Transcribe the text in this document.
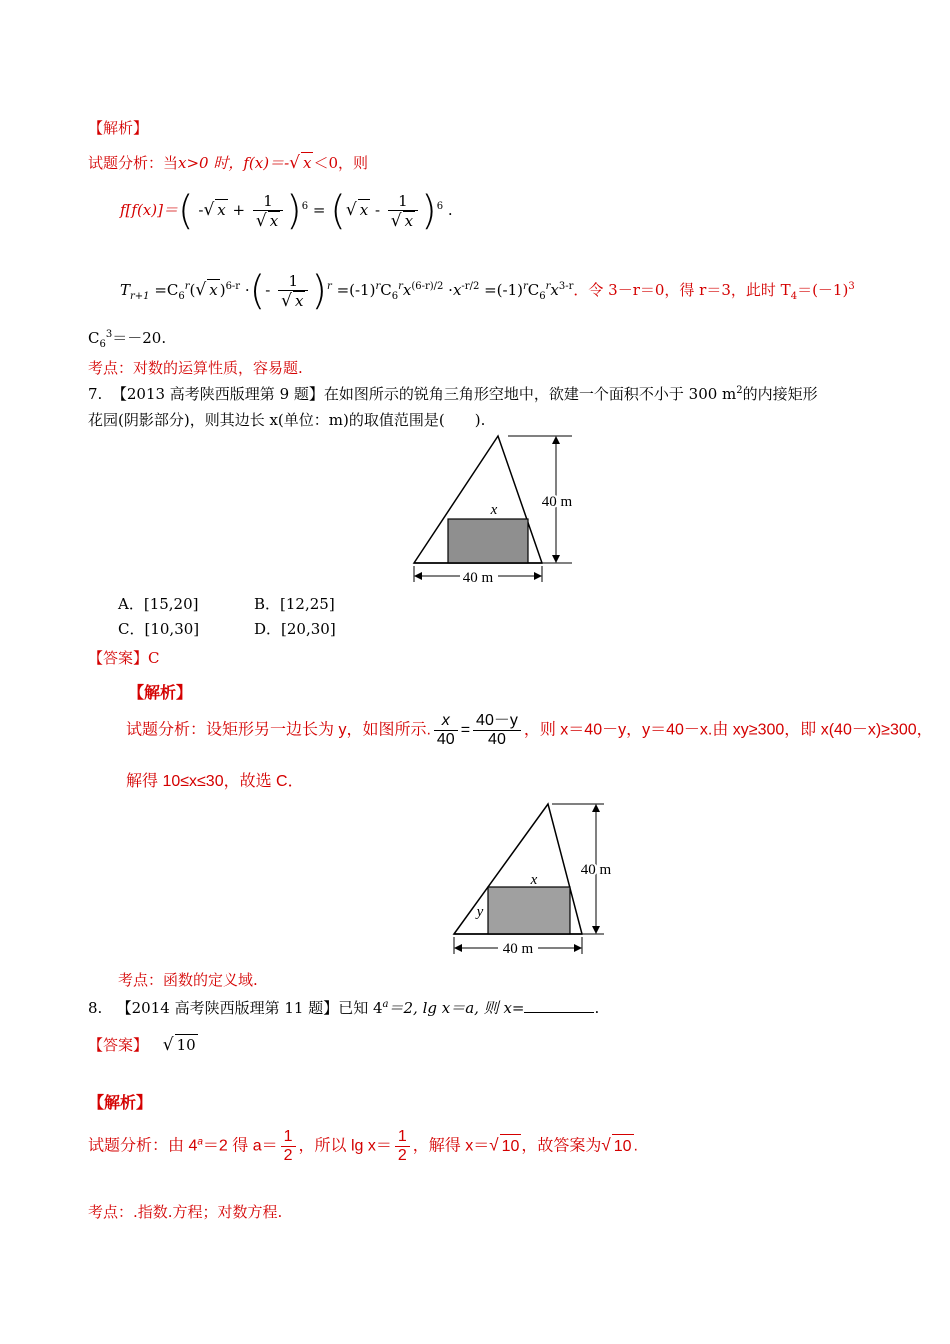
【解析】
试题分析：当x>0 时，f(x)＝-√ x ＜0，则
f[f(x)]＝( -√ $x + \frac{1}{√ x} )^6$ = (√ x - $\frac{1}{√ x} )^6$ .
$T_{r+1} =C_6^r(√$ x )$^{6-r}$ ·(- $\frac{1}{√ x} )^r =(-1)^rC_6^rx^{(6-r)/2} \cdot x^{-r/2} =(-1)^rC_6^rx^{3-r}$．令 3－r＝0，得 r＝3，此时 $T_4=(-1)^3$
$C_6^3=-20$.
考点：对数的运算性质，容易题.
7. 【2013 高考陕西版理第 9 题】在如图所示的锐角三角形空地中，欲建一个面积不小于 300 $m^2$的内接矩形
花园(阴影部分)，则其边长 x(单位：m)的取值范围是(　　).
x	40 m
40 m
A．[15,20]	B．[12,25]
C．[10,30]	D．[20,30]
【答案】C
【解析】
试题分析：设矩形另一边长为 y，如图所示. $\frac{x}{40} = \frac{40-y}{40}$ ，则 x＝40－y，y＝40－x.由 xy≥300，即 x(40－x)≥300，
解得 10≤x≤30，故选 C．
x
y
40 m
40 m
考点：函数的定义域.
8. 【2014 高考陕西版理第 11 题】已知 $4^a=2$, lg x＝a, 则 x=	.
【答案】 √ 10
【解析】
试题分析：由 $4^a=2$ 得 $a= \frac{1}{2}$ ，所以 $\lg x= \frac{1}{2}$ ，解得 x＝√ 10 ，故答案为√ 10 .
考点：.指数.方程；对数方程.
